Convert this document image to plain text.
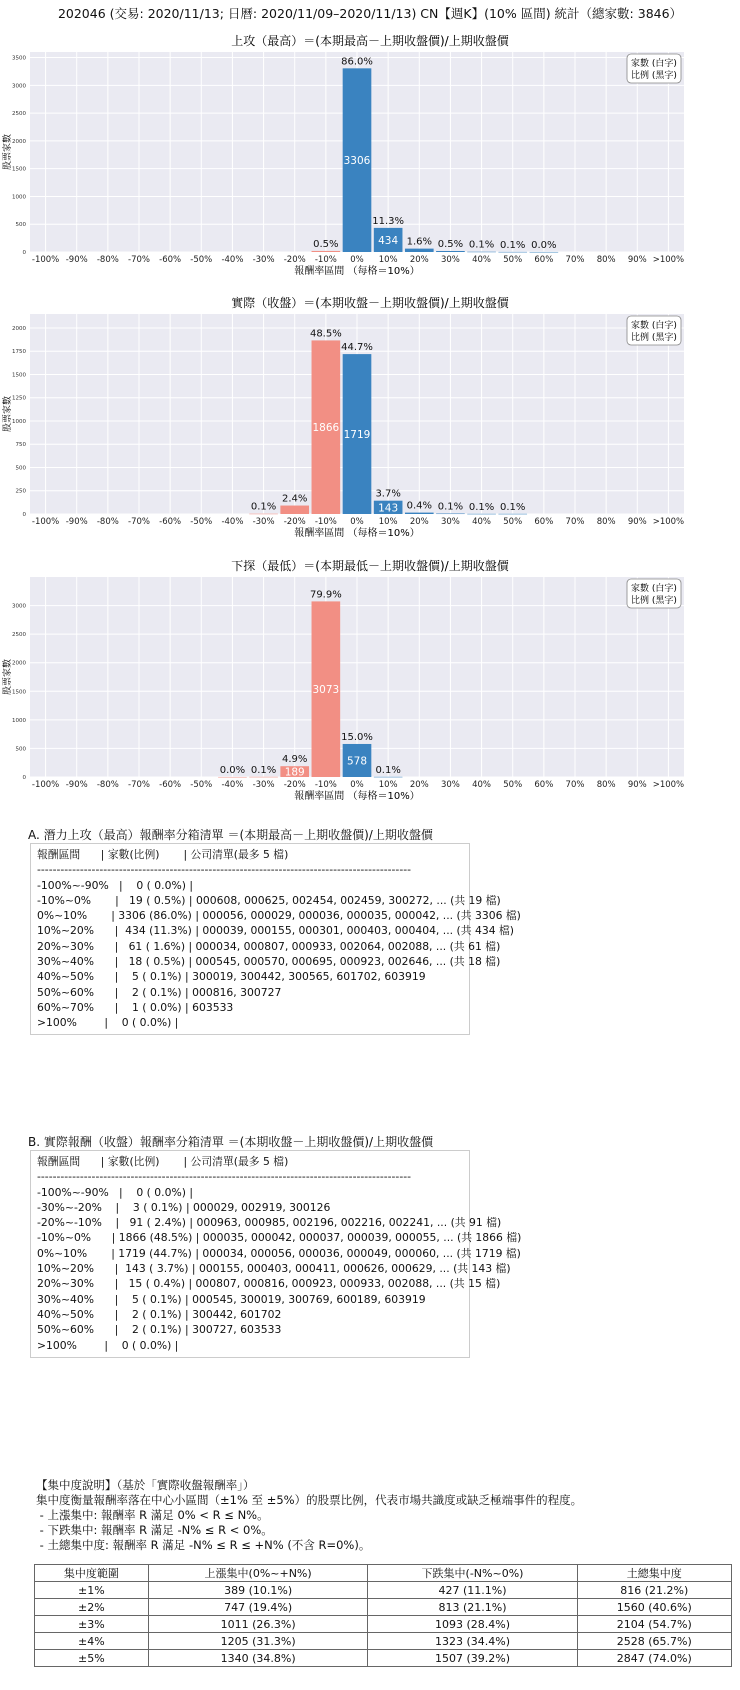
202046 (交易: 2020/11/13; 日曆: 2020/11/09–2020/11/13) CN【週K】(10% 區間) 統計（總家數: 3846）
上攻（最高）＝(本期最高－上期收盤價)/上期收盤價
0
500
1000
1500
2000
2500
3000
3500
-100% -90% -80% -70% -60% -50% -40% -30% -20% -10% 0% 10% 20% 30% 40% 50% 60% 70% 80% 90% >100%
報酬率區間 （每格＝10%）
股票家數
家數 (白字)
比例 (黑字)
0.5%
86.0%
3306
11.3%
434 1.6% 0.5% 0.1% 0.1% 0.0%
實際（收盤）＝(本期收盤－上期收盤價)/上期收盤價
0
250
500
750
1000
1250
1500
1750
2000
-100% -90% -80% -70% -60% -50% -40% -30% -20% -10% 0% 10% 20% 30% 40% 50% 60% 70% 80% 90% >100%
報酬率區間 （每格＝10%）
股票家數
家數 (白字)
比例 (黑字)
0.1%
2.4%
48.5%
1866
44.7%
1719
3.7%
143 0.4% 0.1% 0.1% 0.1%
下探（最低）＝(本期最低－上期收盤價)/上期收盤價
0
500
1000
1500
2000
2500
3000
-100% -90% -80% -70% -60% -50% -40% -30% -20% -10% 0% 10% 20% 30% 40% 50% 60% 70% 80% 90% >100%
報酬率區間 （每格＝10%）
股票家數
家數 (白字)
比例 (黑字)
0.0% 0.1%
4.9%
189
79.9%
3073
15.0%
578
0.1%
A. 潛力上攻（最高）報酬率分箱清單 ＝(本期最高－上期收盤價)/上期收盤價
報酬區間      | 家數(比例)       | 公司清單(最多 5 檔)
------------------------------------------------------------------------------------------------
-100%~-90%   |    0 ( 0.0%) |
-10%~0%       |   19 ( 0.5%) | 000608, 000625, 002454, 002459, 300272, ... (共 19 檔)
0%~10%       | 3306 (86.0%) | 000056, 000029, 000036, 000035, 000042, ... (共 3306 檔)
10%~20%      |  434 (11.3%) | 000039, 000155, 000301, 000403, 000404, ... (共 434 檔)
20%~30%      |   61 ( 1.6%) | 000034, 000807, 000933, 002064, 002088, ... (共 61 檔)
30%~40%      |   18 ( 0.5%) | 000545, 000570, 000695, 000923, 002646, ... (共 18 檔)
40%~50%      |    5 ( 0.1%) | 300019, 300442, 300565, 601702, 603919
50%~60%      |    2 ( 0.1%) | 000816, 300727
60%~70%      |    1 ( 0.0%) | 603533
>100%        |    0 ( 0.0%) |
B. 實際報酬（收盤）報酬率分箱清單 ＝(本期收盤－上期收盤價)/上期收盤價
報酬區間      | 家數(比例)       | 公司清單(最多 5 檔)
------------------------------------------------------------------------------------------------
-100%~-90%   |    0 ( 0.0%) |
-30%~-20%    |    3 ( 0.1%) | 000029, 002919, 300126
-20%~-10%    |   91 ( 2.4%) | 000963, 000985, 002196, 002216, 002241, ... (共 91 檔)
-10%~0%      | 1866 (48.5%) | 000035, 000042, 000037, 000039, 000055, ... (共 1866 檔)
0%~10%       | 1719 (44.7%) | 000034, 000056, 000036, 000049, 000060, ... (共 1719 檔)
10%~20%      |  143 ( 3.7%) | 000155, 000403, 000411, 000626, 000629, ... (共 143 檔)
20%~30%      |   15 ( 0.4%) | 000807, 000816, 000923, 000933, 002088, ... (共 15 檔)
30%~40%      |    5 ( 0.1%) | 000545, 300019, 300769, 600189, 603919
40%~50%      |    2 ( 0.1%) | 300442, 601702
50%~60%      |    2 ( 0.1%) | 300727, 603533
>100%        |    0 ( 0.0%) |
【集中度說明】（基於「實際收盤報酬率」）
集中度衡量報酬率落在中心小區間（±1% 至 ±5%）的股票比例，代表市場共識度或缺乏極端事件的程度。
- 上漲集中: 報酬率 R 滿足 0% < R ≤ N%。
- 下跌集中: 報酬率 R 滿足 -N% ≤ R < 0%。
- 土總集中度: 報酬率 R 滿足 -N% ≤ R ≤ +N% (不含 R=0%)。
集中度範圍	上漲集中(0%~+N%)	下跌集中(-N%~0%)	土總集中度
±1%	389 (10.1%)	427 (11.1%)	816 (21.2%)
±2%	747 (19.4%)	813 (21.1%)	1560 (40.6%)
±3%	1011 (26.3%)	1093 (28.4%)	2104 (54.7%)
±4%	1205 (31.3%)	1323 (34.4%)	2528 (65.7%)
±5%	1340 (34.8%)	1507 (39.2%)	2847 (74.0%)
